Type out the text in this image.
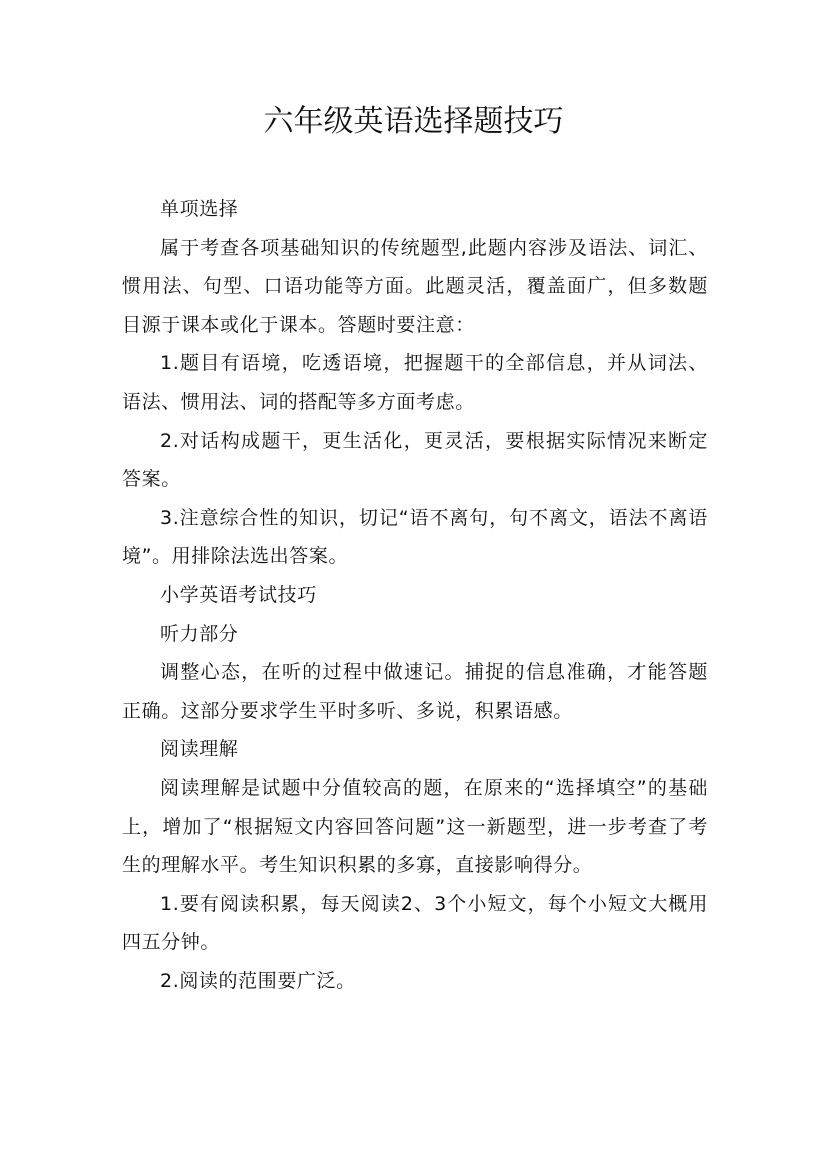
六年级英语选择题技巧

单项选择

属于考查各项基础知识的传统题型,此题内容涉及语法、词汇、惯用法、句型、口语功能等方面。此题灵活，覆盖面广，但多数题目源于课本或化于课本。答题时要注意：

1.题目有语境，吃透语境，把握题干的全部信息，并从词法、语法、惯用法、词的搭配等多方面考虑。

2.对话构成题干，更生活化，更灵活，要根据实际情况来断定答案。

3.注意综合性的知识，切记“语不离句，句不离文，语法不离语境”。用排除法选出答案。

小学英语考试技巧

听力部分

调整心态，在听的过程中做速记。捕捉的信息准确，才能答题正确。这部分要求学生平时多听、多说，积累语感。

阅读理解

阅读理解是试题中分值较高的题，在原来的“选择填空”的基础上，增加了“根据短文内容回答问题”这一新题型，进一步考查了考生的理解水平。考生知识积累的多寡，直接影响得分。

1.要有阅读积累，每天阅读2、3个小短文，每个小短文大概用四五分钟。

2.阅读的范围要广泛。
